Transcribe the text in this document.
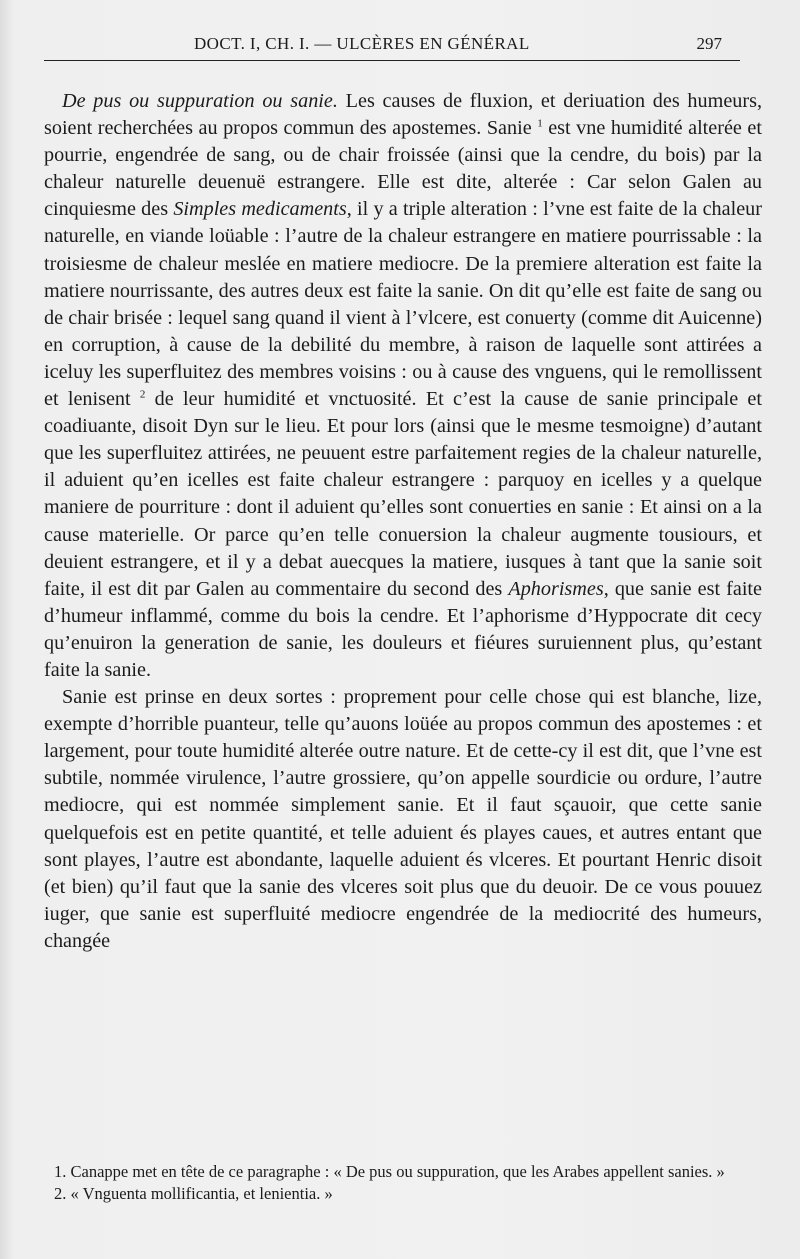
DOCT. I, CH. I. — ULCÈRES EN GÉNÉRAL	297

De pus ou suppuration ou sanie. Les causes de fluxion, et deriuation des humeurs, soient recherchées au propos commun des apostemes. Sanie $^1$ est vne humidité alterée et pourrie, engendrée de sang, ou de chair froissée (ainsi que la cendre, du bois) par la chaleur naturelle deuenuë estrangere. Elle est dite, alterée : Car selon Galen au cinquiesme des Simples medicaments, il y a triple alteration : l’vne est faite de la chaleur naturelle, en viande loüable : l’autre de la chaleur estrangere en matiere pourrissable : la troisiesme de chaleur meslée en matiere mediocre. De la premiere alteration est faite la matiere nourrissante, des autres deux est faite la sanie. On dit qu’elle est faite de sang ou de chair brisée : lequel sang quand il vient à l’vlcere, est conuerty (comme dit Auicenne) en corruption, à cause de la debilité du membre, à raison de laquelle sont attirées a iceluy les superfluitez des membres voisins : ou à cause des vnguens, qui le remollissent et lenisent $^2$ de leur humidité et vnctuosité. Et c’est la cause de sanie principale et coadiuante, disoit Dyn sur le lieu. Et pour lors (ainsi que le mesme tesmoigne) d’autant que les superfluitez attirées, ne peuuent estre parfaitement regies de la chaleur naturelle, il aduient qu’en icelles est faite chaleur estrangere : parquoy en icelles y a quelque maniere de pourriture : dont il aduient qu’elles sont conuerties en sanie : Et ainsi on a la cause materielle. Or parce qu’en telle conuersion la chaleur augmente tousiours, et deuient estrangere, et il y a debat auecques la matiere, iusques à tant que la sanie soit faite, il est dit par Galen au commentaire du second des Aphorismes, que sanie est faite d’humeur inflammé, comme du bois la cendre. Et l’aphorisme d’Hyppocrate dit cecy qu’enuiron la generation de sanie, les douleurs et fiéures suruiennent plus, qu’estant faite la sanie.

Sanie est prinse en deux sortes : proprement pour celle chose qui est blanche, lize, exempte d’horrible puanteur, telle qu’auons loüée au propos commun des apostemes : et largement, pour toute humidité alterée outre nature. Et de cette-cy il est dit, que l’vne est subtile, nommée virulence, l’autre grossiere, qu’on appelle sourdicie ou ordure, l’autre mediocre, qui est nommée simplement sanie. Et il faut sçauoir, que cette sanie quelquefois est en petite quantité, et telle aduient és playes caues, et autres entant que sont playes, l’autre est abondante, laquelle aduient és vlceres. Et pourtant Henric disoit (et bien) qu’il faut que la sanie des vlceres soit plus que du deuoir. De ce vous pouuez iuger, que sanie est superfluité mediocre engendrée de la mediocrité des humeurs, changée

1. Canappe met en tête de ce paragraphe : « De pus ou suppuration, que les Arabes appellent sanies. »

2. « Vnguenta mollificantia, et lenientia. »
